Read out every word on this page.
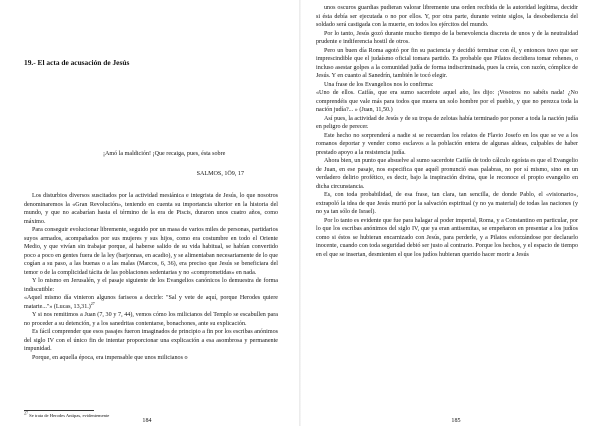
19.- El acta de acusación de Jesús
¡Amó la maldición! ¡Que recaiga, pues, ésta sobre
SALMOS, 1Ö9, 17

Los disturbios diversos suscitados por la actividad mesiánica e integrista de Jesús, lo que nosotros denominaremos la «Gran Revolución», teniendo en cuenta su importancia ulterior en la historia del mundo, y que no acabarían hasta el término de la era de Piscis, duraron unos cuatro años, como máximo.

Para conseguir evolucionar libremente, seguido por un masa de varios miles de personas, partidarios suyos armados, acompañados por sus mujeres y sus hijos, como era costumbre en todo el Oriente Medio, y que vivían sin trabajar porque, al haberse salido de su vida habitual, se habían convertido poco a poco en gentes fuera de la ley (barjonnas, en acadio), y se alimentaban necesariamente de lo que cogían a su paso, a las buenas o a las malas (Marcos, 6, 36), era preciso que Jesús se beneficiara del temor o de la complicidad tácita de las poblaciones sedentarias y no «comprometidas» en nada.

Y lo mismo en Jerusalén, y el pasaje siguiente de los Evangelios canónicos lo demuestra de forma indiscutible:

«Aquel mismo día vinieron algunos fariseos a decirle: "Sal y vete de aquí, porque Herodes quiere matarte..."» (Lucas, 13,31.)$^{27}$

Y si nos remitimos a Juan (7, 30 y 7, 44), vemos cómo los milicianos del Templo se escabullen para no proceder a su detención, y a los sanedritas contentarse, bonachones, ante su explicación.

Es fácil comprender que esos pasajes fueron imaginados de principio a fin por los escribas anónimos del siglo IV con el único fin de intentar proporcionar una explicación a esa asombrosa y permanente impunidad.

Porque, en aquella época, era impensable que unos milicianos o

$^{27}$ Se trata de Herodes Antipas, evidentemente
184

unos oscuros guardias pudieran valorar libremente una orden recibida de la autoridad legítima, decidir si ésta debía ser ejecutada o no por ellos. Y, por otra parte, durante veinte siglos, la desobediencia del soldado será castigada con la muerte, en todos los ejércitos del mundo.

Por lo tanto, Jesús gozó durante mucho tiempo de la benevolencia discreta de unos y de la neutralidad prudente e indiferencia hostil de otros.

Pero un buen día Roma agotó por fin su paciencia y decidió terminar con él, y entonces tuvo que ser imprescindible que el judaísmo oficial tomara partido. Es probable que Pilatos decidiera tomar rehenes, o incluso asestar golpes a la comunidad judía de forma indiscriminada, pues la creía, con razón, cómplice de Jesús. Y en cuanto al Sanedrín, también le tocó elegir.

Una frase de los Evangelios nos lo confirma:

«Uno de ellos. Caifás, que era sumo sacerdote aquel año, les dijo: ¡Vosotros no sabéis nada! ¿No comprendéis que vale más para todos que muera un solo hombre por el pueblo, y que no perezca toda la nación judía?... » (Juan, 11,50.)

Así pues, la actividad de Jesús y de su tropa de zelotas había terminado por poner a toda la nación judía en peligro de perecer.

Este hecho no sorprenderá a nadie si se recuerdan los relatos de Flavio Josefo en los que se ve a los romanos deportar y vender como esclavos a la población entera de algunas aldeas, culpables de haber prestado apoyo a la resistencia judía.

Ahora bien, un punto que absuelve al sumo sacerdote Caifás de todo cálculo egoísta es que el Evangelio de Juan, en ese pasaje, nos especifica que aquél pronunció esas palabras, no por sí mismo, sino en un verdadero delirio profético, es decir, bajo la inspiración divina, que le reconoce el propio evangelio en dicha circunstancia.

Es, con toda probabilidad, de esa frase, tan clara, tan sencilla, de donde Pablo, el «visionario», extrapoló la idea de que Jesús murió por la salvación espiritual (y no ya material) de todas las naciones (y no ya tan sólo de Israel).

Por lo tanto es evidente que fue para halagar al poder imperial, Roma, y a Constantino en particular, por lo que los escribas anónimos del siglo IV, que ya eran antisemitas, se empeñaron en presentar a los judíos como si éstos se hubieran encarnizado con Jesús, para perderle, y a Pilatos esforzándose por declararlo inocente, cuando con toda seguridad debió ser justo al contrario. Porque los hechos, y el espacio de tiempo en el que se insertan, desmienten el que los judíos hubieran querido hacer morir a Jesús

185
